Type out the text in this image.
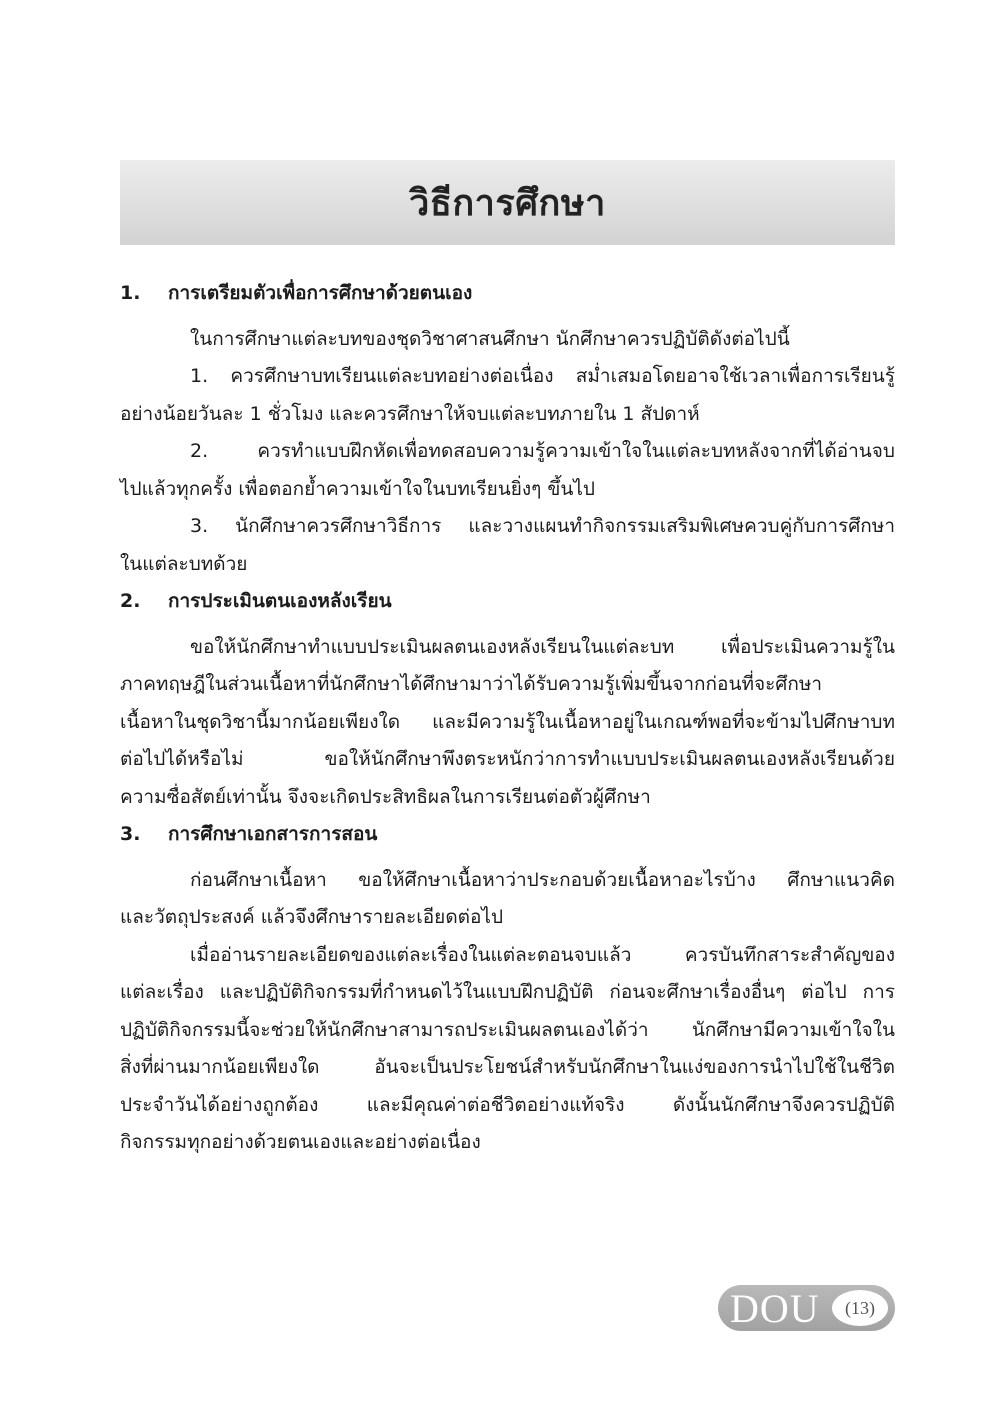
วิธีการศึกษา
1. การเตรียมตัวเพื่อการศึกษาด้วยตนเอง
ในการศึกษาแต่ละบทของชุดวิชาศาสนศึกษา นักศึกษาควรปฏิบัติดังต่อไปนี้
1. ควรศึกษาบทเรียนแต่ละบทอย่างต่อเนื่อง สม่ำเสมอโดยอาจใช้เวลาเพื่อการเรียนรู้
อย่างน้อยวันละ 1 ชั่วโมง และควรศึกษาให้จบแต่ละบทภายใน 1 สัปดาห์
2. ควรทำแบบฝึกหัดเพื่อทดสอบความรู้ความเข้าใจในแต่ละบทหลังจากที่ได้อ่านจบ
ไปแล้วทุกครั้ง เพื่อตอกย้ำความเข้าใจในบทเรียนยิ่งๆ ขึ้นไป
3. นักศึกษาควรศึกษาวิธีการ และวางแผนทำกิจกรรมเสริมพิเศษควบคู่กับการศึกษา
ในแต่ละบทด้วย
2. การประเมินตนเองหลังเรียน
ขอให้นักศึกษาทำแบบประเมินผลตนเองหลังเรียนในแต่ละบท เพื่อประเมินความรู้ใน
ภาคทฤษฎีในส่วนเนื้อหาที่นักศึกษาได้ศึกษามาว่าได้รับความรู้เพิ่มขึ้นจากก่อนที่จะศึกษา
เนื้อหาในชุดวิชานี้มากน้อยเพียงใด และมีความรู้ในเนื้อหาอยู่ในเกณฑ์พอที่จะข้ามไปศึกษาบท
ต่อไปได้หรือไม่ ขอให้นักศึกษาพึงตระหนักว่าการทำแบบประเมินผลตนเองหลังเรียนด้วย
ความซื่อสัตย์เท่านั้น จึงจะเกิดประสิทธิผลในการเรียนต่อตัวผู้ศึกษา
3. การศึกษาเอกสารการสอน
ก่อนศึกษาเนื้อหา ขอให้ศึกษาเนื้อหาว่าประกอบด้วยเนื้อหาอะไรบ้าง ศึกษาแนวคิด
และวัตถุประสงค์ แล้วจึงศึกษารายละเอียดต่อไป
เมื่ออ่านรายละเอียดของแต่ละเรื่องในแต่ละตอนจบแล้ว ควรบันทึกสาระสำคัญของ
แต่ละเรื่อง และปฏิบัติกิจกรรมที่กำหนดไว้ในแบบฝึกปฏิบัติ ก่อนจะศึกษาเรื่องอื่นๆ ต่อไป การ
ปฏิบัติกิจกรรมนี้จะช่วยให้นักศึกษาสามารถประเมินผลตนเองได้ว่า นักศึกษามีความเข้าใจใน
สิ่งที่ผ่านมากน้อยเพียงใด อันจะเป็นประโยชน์สำหรับนักศึกษาในแง่ของการนำไปใช้ในชีวิต
ประจำวันได้อย่างถูกต้อง และมีคุณค่าต่อชีวิตอย่างแท้จริง ดังนั้นนักศึกษาจึงควรปฏิบัติ
กิจกรรมทุกอย่างด้วยตนเองและอย่างต่อเนื่อง
DOU	(13)
